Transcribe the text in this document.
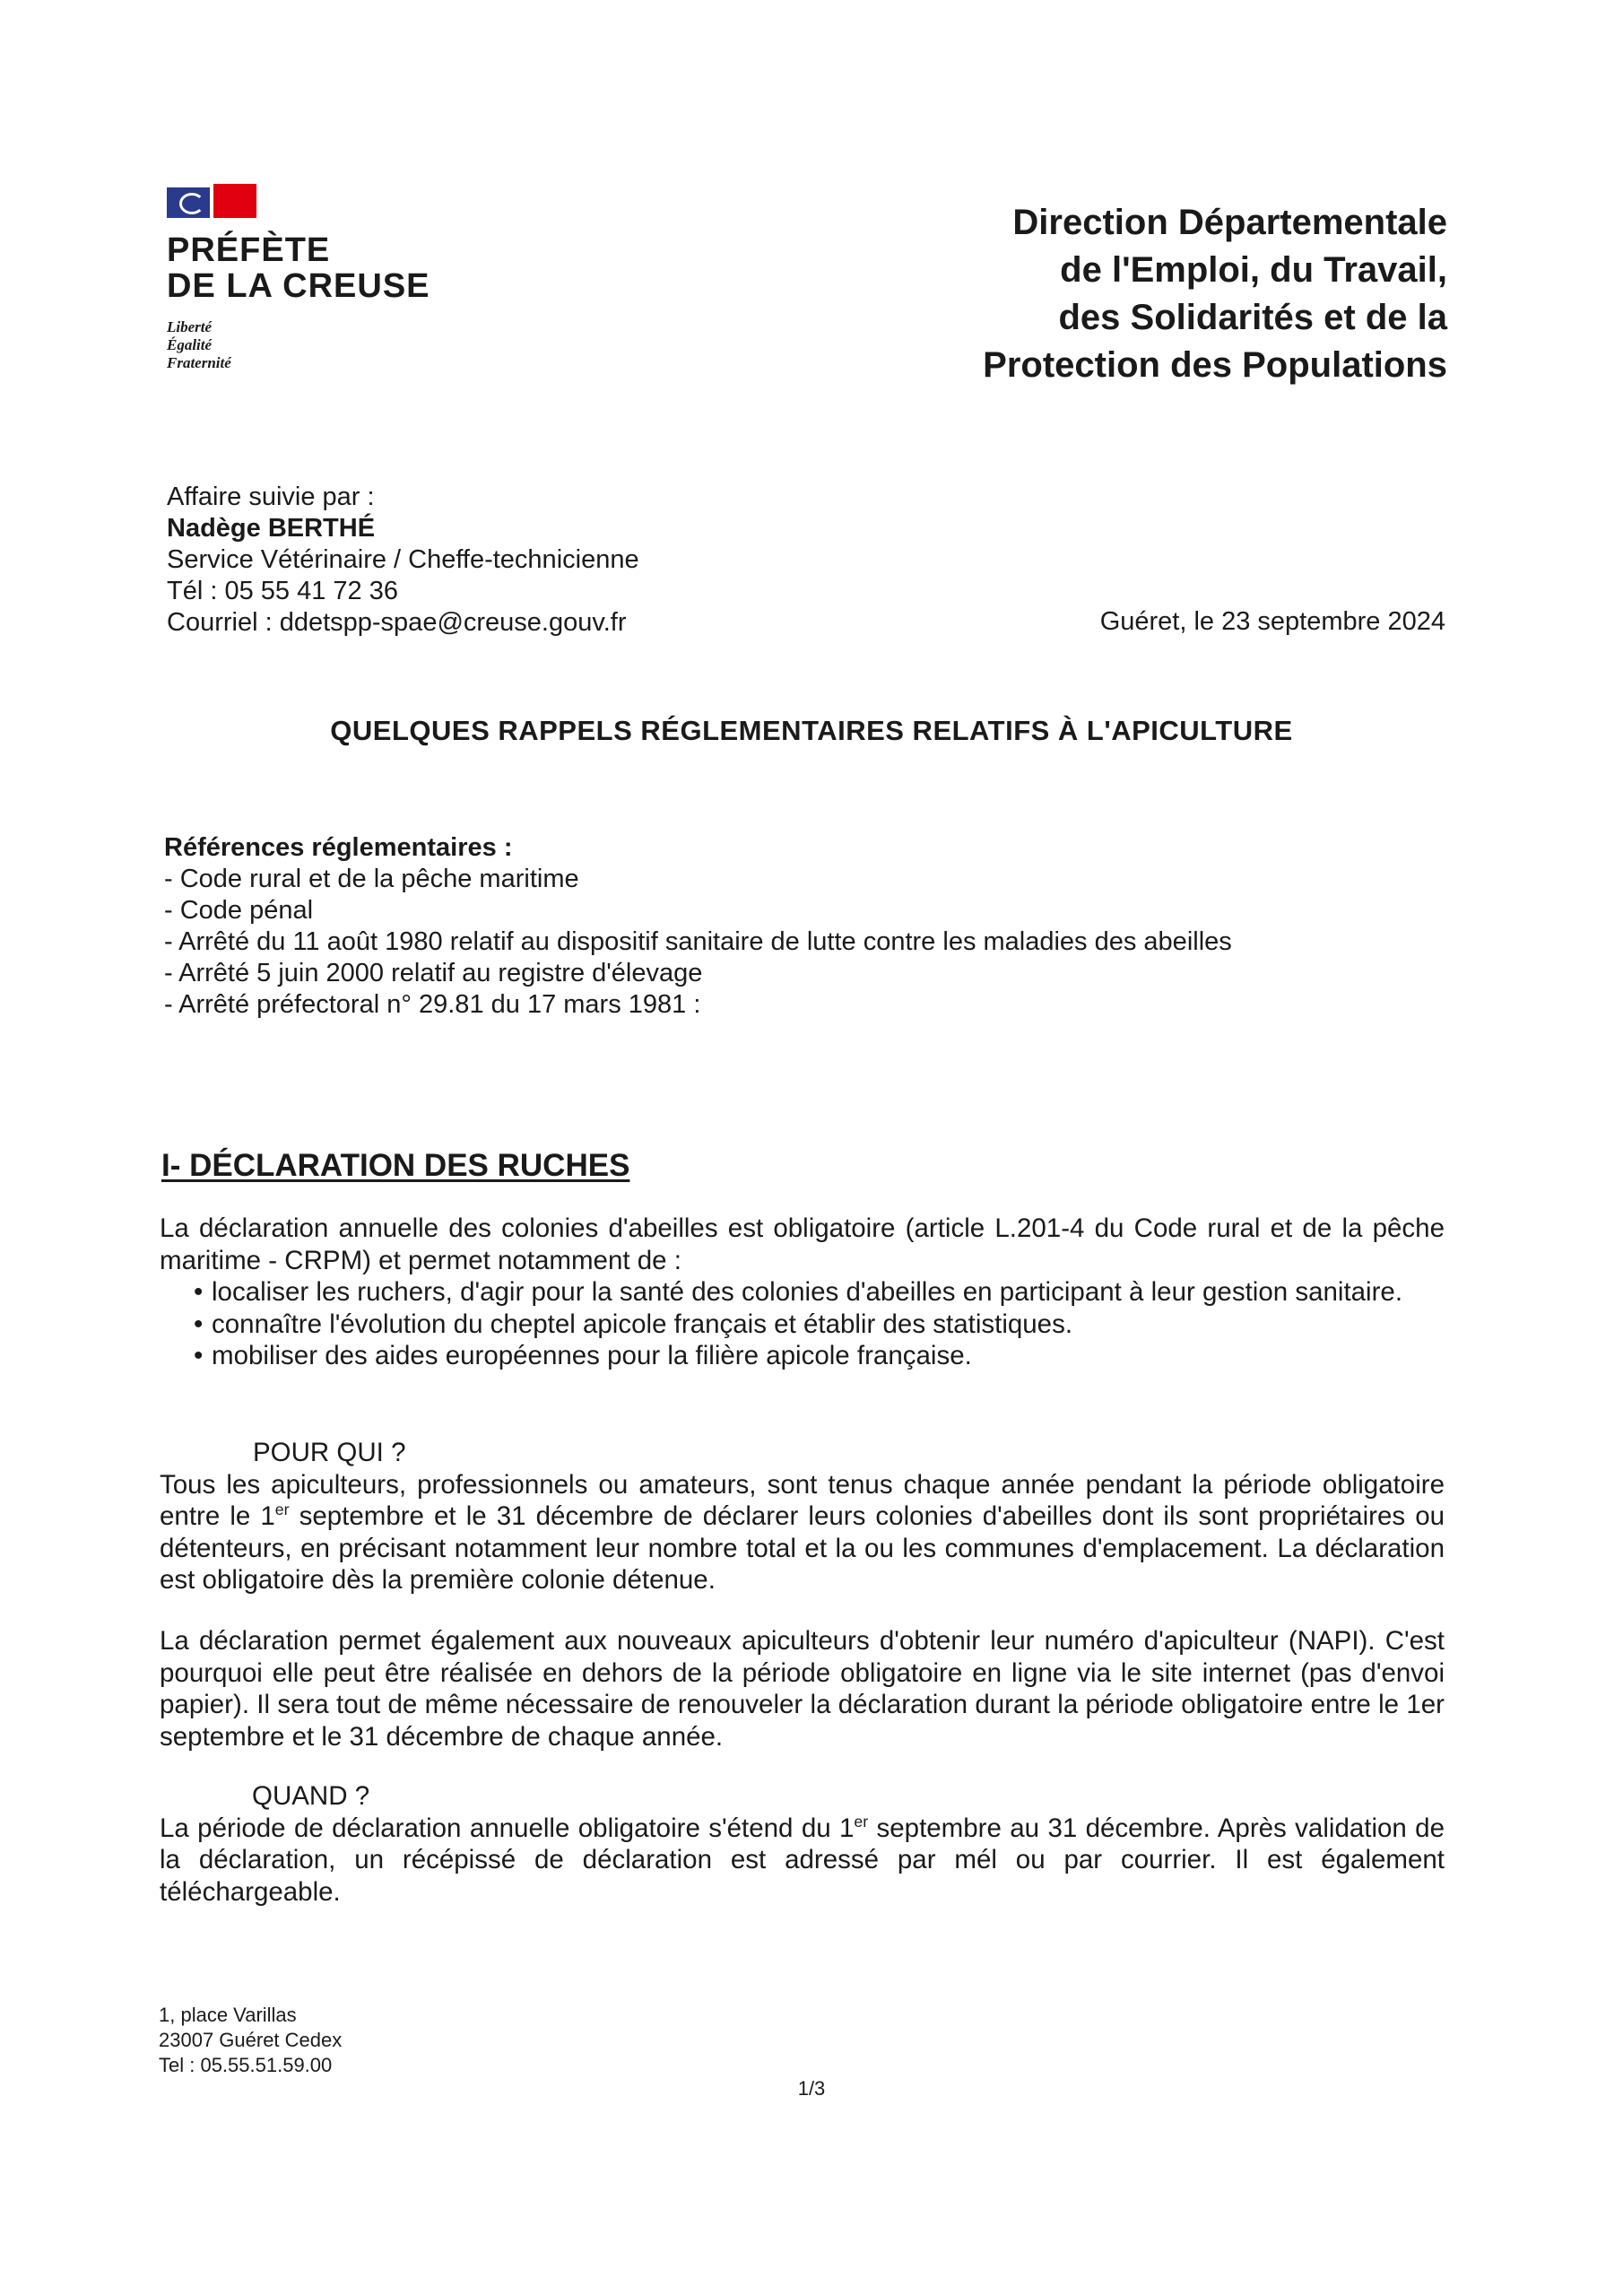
PRÉFÈTE
DE LA CREUSE
Liberté
Égalité
Fraternité
Direction Départementale
de l'Emploi, du Travail,
des Solidarités et de la
Protection des Populations
Affaire suivie par :
Nadège BERTHÉ
Service Vétérinaire / Cheffe-technicienne
Tél : 05 55 41 72 36
Courriel : ddetspp-spae@creuse.gouv.fr	Guéret, le 23 septembre 2024
QUELQUES RAPPELS RÉGLEMENTAIRES RELATIFS À L'APICULTURE
Références réglementaires :
- Code rural et de la pêche maritime
- Code pénal
- Arrêté du 11 août 1980 relatif au dispositif sanitaire de lutte contre les maladies des abeilles
- Arrêté 5 juin 2000 relatif au registre d'élevage
- Arrêté préfectoral n° 29.81 du 17 mars 1981 :
I- DÉCLARATION DES RUCHES
La déclaration annuelle des colonies d'abeilles est obligatoire (article L.201-4 du Code rural et de la pêche maritime - CRPM) et permet notamment de :
• localiser les ruchers, d'agir pour la santé des colonies d'abeilles en participant à leur gestion sanitaire.
• connaître l'évolution du cheptel apicole français et établir des statistiques.
• mobiliser des aides européennes pour la filière apicole française.
POUR QUI ?
Tous les apiculteurs, professionnels ou amateurs, sont tenus chaque année pendant la période obligatoire entre le 1er septembre et le 31 décembre de déclarer leurs colonies d'abeilles dont ils sont propriétaires ou détenteurs, en précisant notamment leur nombre total et la ou les communes d'emplacement. La déclaration est obligatoire dès la première colonie détenue.
La déclaration permet également aux nouveaux apiculteurs d'obtenir leur numéro d'apiculteur (NAPI). C'est pourquoi elle peut être réalisée en dehors de la période obligatoire en ligne via le site internet (pas d'envoi papier). Il sera tout de même nécessaire de renouveler la déclaration durant la période obligatoire entre le 1er septembre et le 31 décembre de chaque année.
QUAND ?
La période de déclaration annuelle obligatoire s'étend du 1er septembre au 31 décembre. Après validation de la déclaration, un récépissé de déclaration est adressé par mél ou par courrier. Il est également téléchargeable.
1, place Varillas
23007 Guéret Cedex
Tel : 05.55.51.59.00
1/3
